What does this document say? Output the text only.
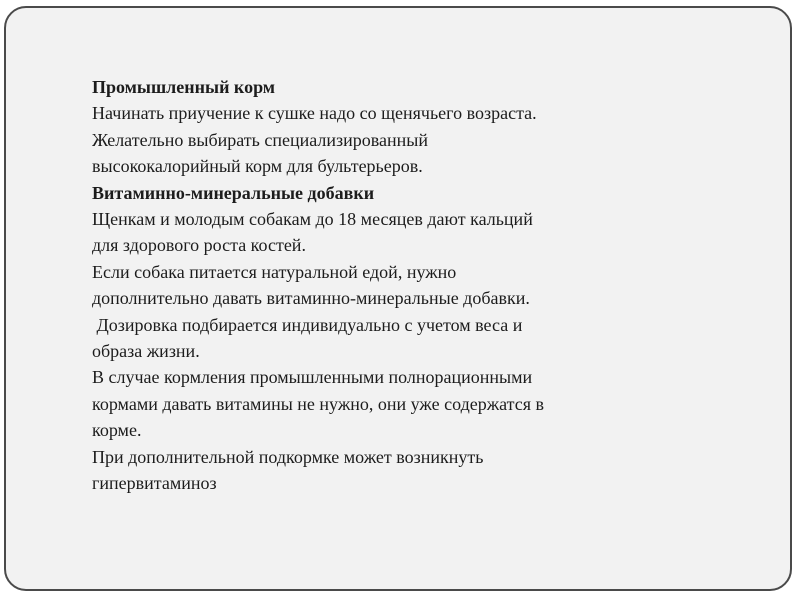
Промышленный корм
Начинать приучение к сушке надо со щенячьего возраста.
Желательно выбирать специализированный
высококалорийный корм для бультерьеров.
Витаминно-минеральные добавки
Щенкам и молодым собакам до 18 месяцев дают кальций
для здорового роста костей.
Если собака питается натуральной едой, нужно
дополнительно давать витаминно-минеральные добавки.
Дозировка подбирается индивидуально с учетом веса и
образа жизни.
В случае кормления промышленными полнорационными
кормами давать витамины не нужно, они уже содержатся в
корме.
При дополнительной подкормке может возникнуть
гипервитаминоз
